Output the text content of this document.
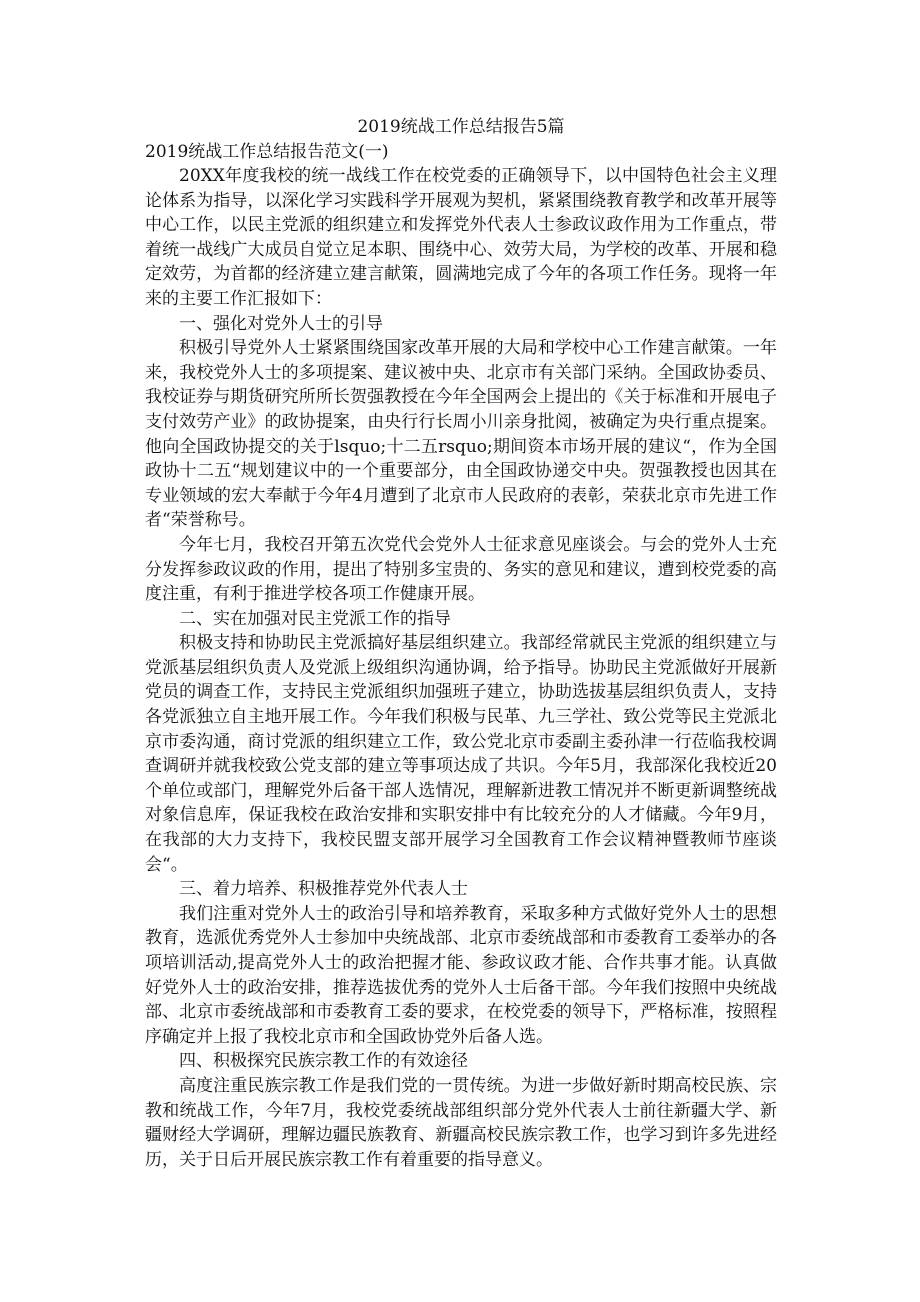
2019统战工作总结报告5篇

2019统战工作总结报告范文(一)

20XX年度我校的统一战线工作在校党委的正确领导下，以中国特色社会主义理论体系为指导，以深化学习实践科学开展观为契机，紧紧围绕教育教学和改革开展等中心工作，以民主党派的组织建立和发挥党外代表人士参政议政作用为工作重点，带着统一战线广大成员自觉立足本职、围绕中心、效劳大局，为学校的改革、开展和稳定效劳，为首都的经济建立建言献策，圆满地完成了今年的各项工作任务。现将一年来的主要工作汇报如下：

一、强化对党外人士的引导

积极引导党外人士紧紧围绕国家改革开展的大局和学校中心工作建言献策。一年来，我校党外人士的多项提案、建议被中央、北京市有关部门采纳。全国政协委员、我校证券与期货研究所所长贺强教授在今年全国两会上提出的《关于标准和开展电子支付效劳产业》的政协提案，由央行行长周小川亲身批阅，被确定为央行重点提案。他向全国政协提交的关于lsquo;十二五rsquo;期间资本市场开展的建议“，作为全国政协十二五“规划建议中的一个重要部分，由全国政协递交中央。贺强教授也因其在专业领域的宏大奉献于今年4月遭到了北京市人民政府的表彰，荣获北京市先进工作者“荣誉称号。

今年七月，我校召开第五次党代会党外人士征求意见座谈会。与会的党外人士充分发挥参政议政的作用，提出了特别多宝贵的、务实的意见和建议，遭到校党委的高度注重，有利于推进学校各项工作健康开展。

二、实在加强对民主党派工作的指导

积极支持和协助民主党派搞好基层组织建立。我部经常就民主党派的组织建立与党派基层组织负责人及党派上级组织沟通协调，给予指导。协助民主党派做好开展新党员的调查工作，支持民主党派组织加强班子建立，协助选拔基层组织负责人，支持各党派独立自主地开展工作。今年我们积极与民革、九三学社、致公党等民主党派北京市委沟通，商讨党派的组织建立工作，致公党北京市委副主委孙津一行莅临我校调查调研并就我校致公党支部的建立等事项达成了共识。今年5月，我部深化我校近20个单位或部门，理解党外后备干部人选情况，理解新进教工情况并不断更新调整统战对象信息库，保证我校在政治安排和实职安排中有比较充分的人才储藏。今年9月，在我部的大力支持下，我校民盟支部开展学习全国教育工作会议精神暨教师节座谈会“。

三、着力培养、积极推荐党外代表人士

我们注重对党外人士的政治引导和培养教育，采取多种方式做好党外人士的思想教育，选派优秀党外人士参加中央统战部、北京市委统战部和市委教育工委举办的各项培训活动,提高党外人士的政治把握才能、参政议政才能、合作共事才能。认真做好党外人士的政治安排，推荐选拔优秀的党外人士后备干部。今年我们按照中央统战部、北京市委统战部和市委教育工委的要求，在校党委的领导下，严格标准，按照程序确定并上报了我校北京市和全国政协党外后备人选。

四、积极探究民族宗教工作的有效途径

高度注重民族宗教工作是我们党的一贯传统。为进一步做好新时期高校民族、宗教和统战工作，今年7月，我校党委统战部组织部分党外代表人士前往新疆大学、新疆财经大学调研，理解边疆民族教育、新疆高校民族宗教工作，也学习到许多先进经历，关于日后开展民族宗教工作有着重要的指导意义。
